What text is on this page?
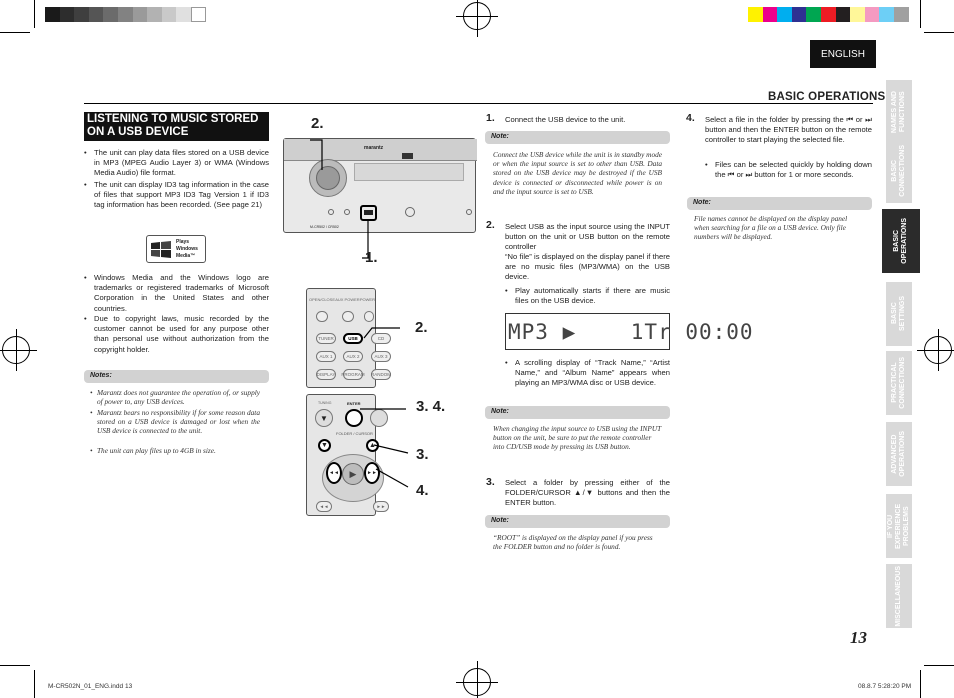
ENGLISH
BASIC OPERATIONS
LISTENING TO MUSIC STORED ON A USB DEVICE
• The unit can play data files stored on a USB device in MP3 (MPEG Audio Layer 3) or WMA (Windows Media Audio) file format.
• The unit can display ID3 tag information in the case of files that support MP3 ID3 Tag Version 1 if ID3 tag information has been recorded. (See page 21)
Plays
Windows
Media™
• Windows Media and the Windows logo are trademarks or registered trademarks of Microsoft Corporation in the United States and other countries.
• Due to copyright laws, music recorded by the customer cannot be used for any purpose other than personal use without authorization from the copyright holder.
Notes:
• Marantz does not guarantee the operation of, or supply of power to, any USB devices.
• Marantz bears no responsibility if for some reason data stored on a USB device is damaged or lost when the USB device is connected to the unit.
• The unit can play files up to 4GB in size.
marantz
M-CR502 / CR502
2.
1.
OPEN/CLOSE AUX POWER POWER
TUNER	USB	CD
AUX 1	AUX 2	AUX 3
DISPLAY PROGRAM RANDOM
2.
TUNING	ENTER
▼
FOLDER / CURSOR
▼	▲
▶
◄◄	►►
◄◄	►►
3. 4.
3.
4.
1. Connect the USB device to the unit.
Note:
Connect the USB device while the unit is in standby mode or when the input source is set to other than USB. Data stored on the USB device may be destroyed if the USB device is connected or disconnected while power is on and the input source is set to USB.
2. Select USB as the input source using the INPUT button on the unit or USB button on the remote controller
“No file” is displayed on the display panel if there are no music files (MP3/WMA) on the USB device.
• Play automatically starts if there are music files on the USB device.
MP3 ▶    1Tr 00:00
• A scrolling display of “Track Name,” “Artist Name,” and “Album Name” appears when playing an MP3/WMA disc or USB device.
Note:
When changing the input source to USB using the INPUT button on the unit, be sure to put the remote controller into CD/USB mode by pressing its USB button.
3. Select a folder by pressing either of the FOLDER/CURSOR ▲/▼ buttons and then the ENTER button.
Note:
“ROOT” is displayed on the display panel if you press the FOLDER button and no folder is found.
4. Select a file in the folder by pressing the ⏮ or ⏭ button and then the ENTER button on the remote controller to start playing the selected file.
• Files can be selected quickly by holding down the ⏮ or ⏭ button for 1 or more seconds.
Note:
File names cannot be displayed on the display panel when searching for a file on a USB device. Only file numbers will be displayed.
13
M-CR502N_01_ENG.indd 13	08.8.7 5:28:20 PM
NAMES AND
FUNCTIONS
BASIC
CONNECTIONS
BASIC
OPERATIONS
BASIC
SETTINGS
PRACTICAL
CONNECTIONS
ADVANCED
OPERATIONS
IF YOU EXPERIENCE
PROBLEMS
MISCELLANEOUS
